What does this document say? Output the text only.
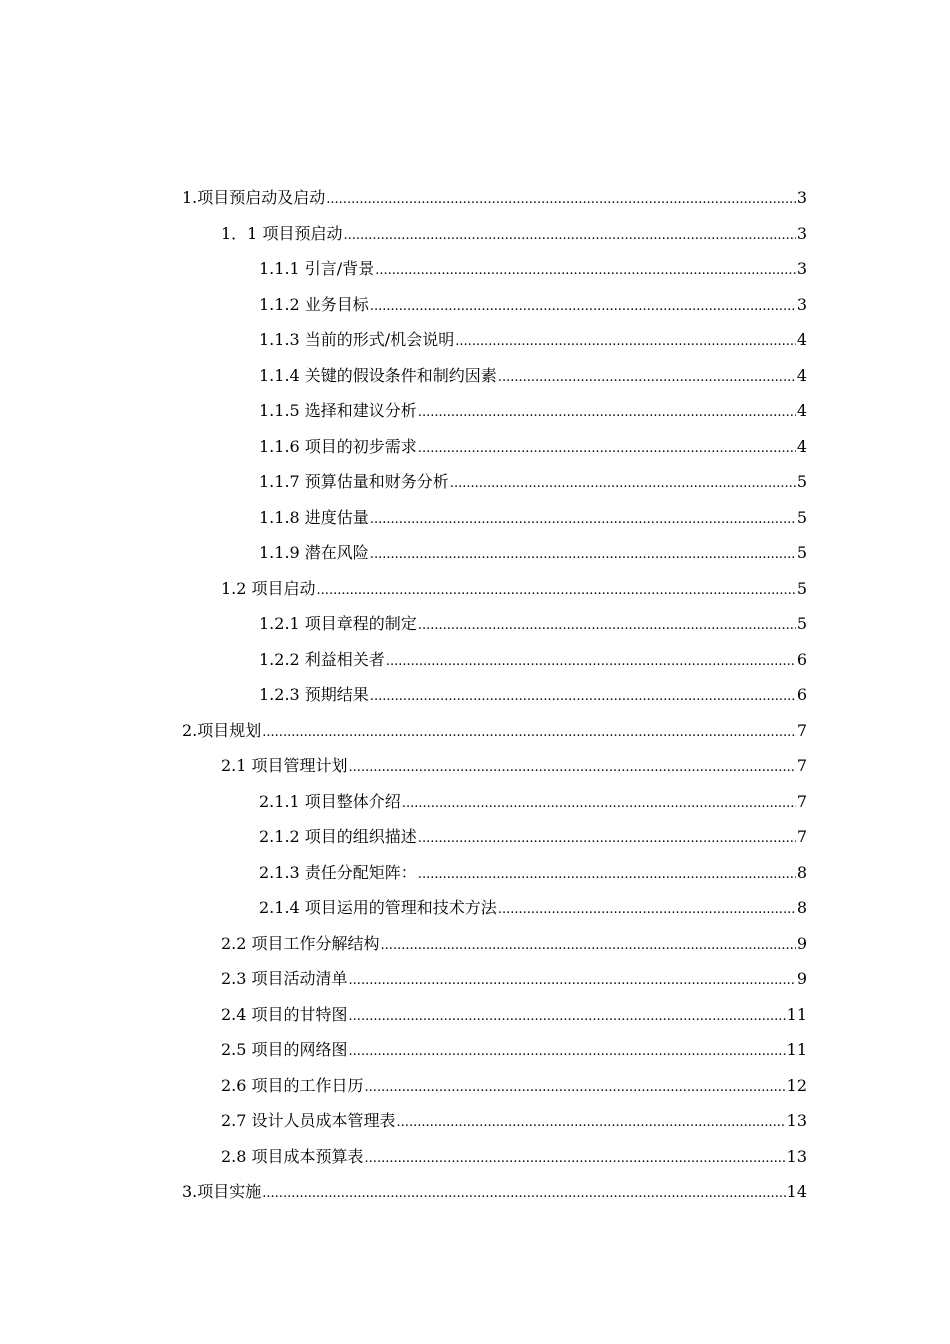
1.项目预启动及启动 .....	3
1．1 项目预启动 .....	3
1.1.1 引言/背景 .....	3
1.1.2 业务目标 .....	3
1.1.3 当前的形式/机会说明 .....	4
1.1.4 关键的假设条件和制约因素 .....	4
1.1.5 选择和建议分析 .....	4
1.1.6 项目的初步需求 .....	4
1.1.7 预算估量和财务分析 .....	5
1.1.8 进度估量 .....	5
1.1.9 潜在风险 .....	5
1.2 项目启动 .....	5
1.2.1 项目章程的制定 .....	5
1.2.2 利益相关者 .....	6
1.2.3 预期结果 .....	6
2.项目规划 .....	7
2.1 项目管理计划 .....	7
2.1.1 项目整体介绍 .....	7
2.1.2 项目的组织描述 .....	7
2.1.3 责任分配矩阵： .....	8
2.1.4 项目运用的管理和技术方法 .....	8
2.2 项目工作分解结构 .....	9
2.3 项目活动清单 .....	9
2.4 项目的甘特图 .....	11
2.5 项目的网络图 .....	11
2.6 项目的工作日历 .....	12
2.7 设计人员成本管理表 .....	13
2.8 项目成本预算表 .....	13
3.项目实施 .....	14
